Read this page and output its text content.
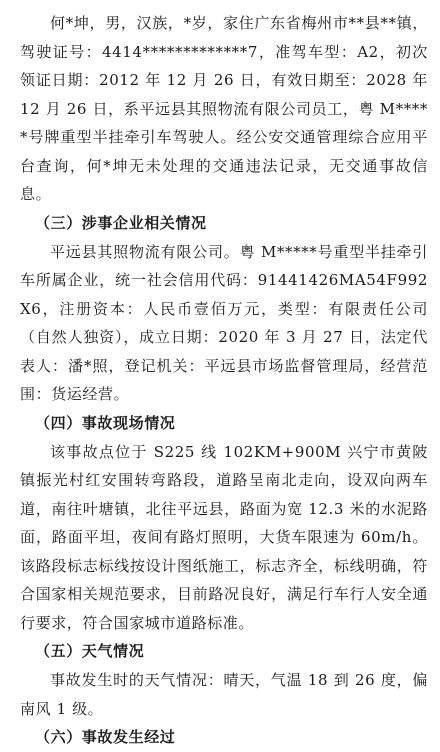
何*坤，男，汉族，*岁，家住广东省梅州市**县**镇，驾驶证号：4414*************7，准驾车型：A2，初次领证日期：2012 年 12 月 26 日，有效日期至：2028 年 12 月 26 日，系平远县其照物流有限公司员工，粤 M*****号牌重型半挂牵引车驾驶人。经公安交通管理综合应用平台查询，何*坤无未处理的交通违法记录，无交通事故信息。

（三）涉事企业相关情况

平远县其照物流有限公司。粤 M*****号重型半挂牵引车所属企业，统一社会信用代码：91441426MA54F992X6，注册资本：人民币壹佰万元，类型：有限责任公司（自然人独资），成立日期：2020 年 3 月 27 日，法定代表人：潘*照，登记机关：平远县市场监督管理局，经营范围：货运经营。

（四）事故现场情况

该事故点位于 S225 线 102KM+900M 兴宁市黄陂镇振光村红安围转弯路段，道路呈南北走向，设双向两车道，南往叶塘镇，北往平远县，路面为宽 12.3 米的水泥路面，路面平坦，夜间有路灯照明，大货车限速为 60m/h。该路段标志标线按设计图纸施工，标志齐全，标线明确，符合国家相关规范要求，目前路况良好，满足行车行人安全通行要求，符合国家城市道路标准。

（五）天气情况

事故发生时的天气情况：晴天，气温 18 到 26 度，偏南风 1 级。

（六）事故发生经过
